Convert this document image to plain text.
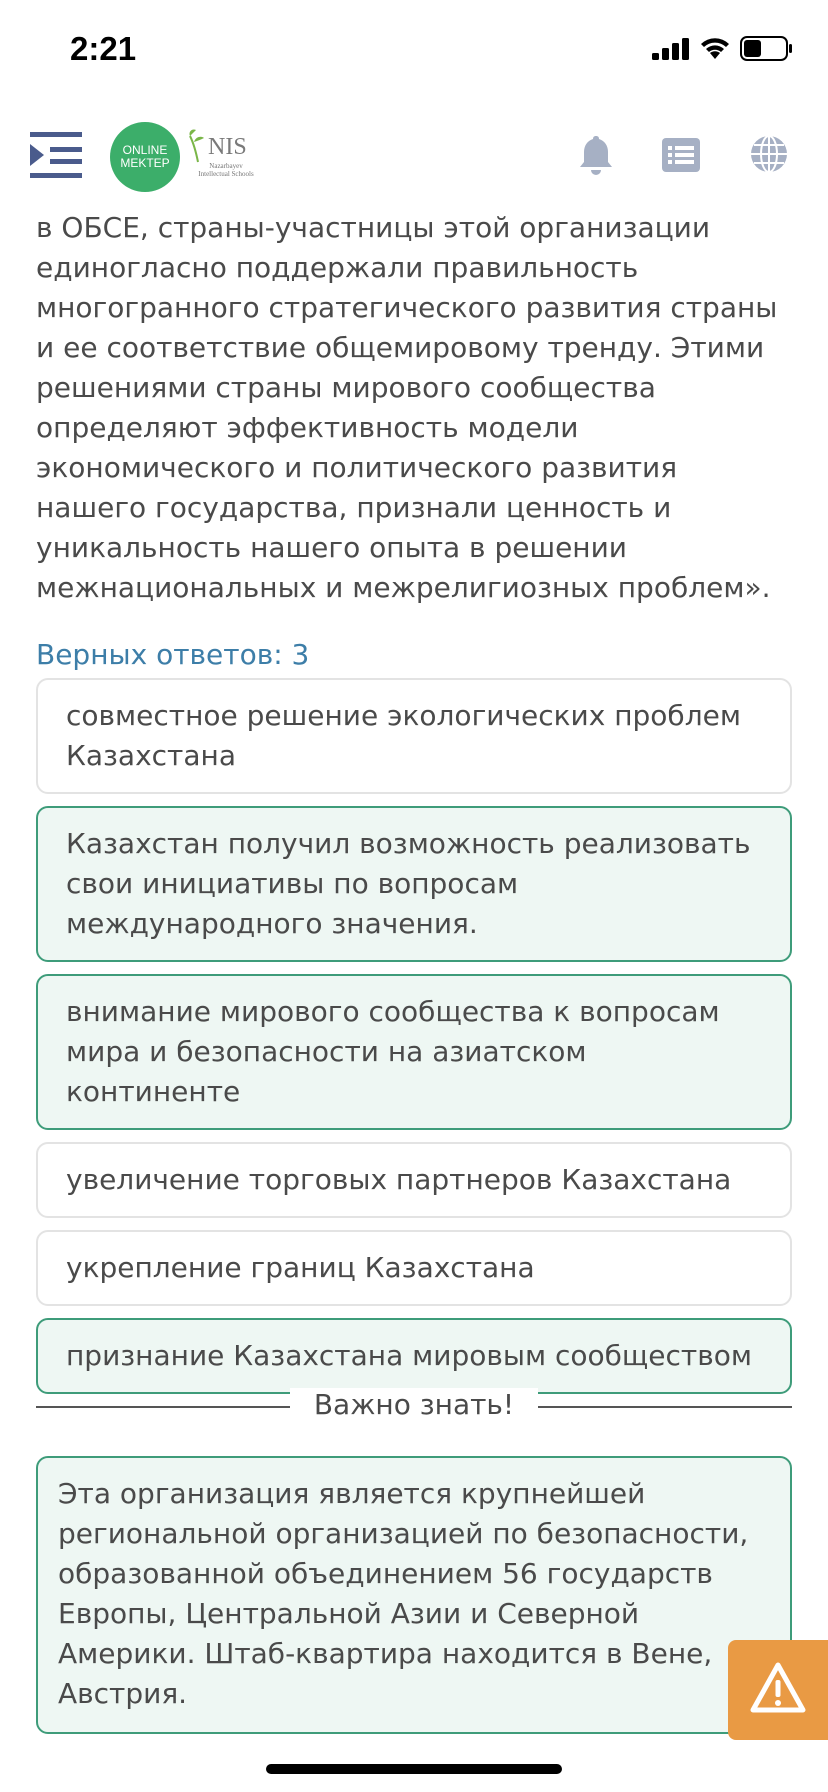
2:21
ONLINE
MEKTEP
NIS
Nazarbayev Intellectual Schools
в ОБСЕ, страны-участницы этой организации единогласно поддержали правильность многогранного стратегического развития страны и ее соответствие общемировому тренду. Этими решениями страны мирового сообщества определяют эффективность модели экономического и политического развития нашего государства, признали ценность и уникальность нашего опыта в решении межнациональных и межрелигиозных проблем».
Верных ответов: 3
совместное решение экологических проблем Казахстана
Казахстан получил возможность реализовать свои инициативы по вопросам международного значения.
внимание мирового сообщества к вопросам мира и безопасности на азиатском континенте
увеличение торговых партнеров Казахстана
укрепление границ Казахстана
признание Казахстана мировым сообществом
Важно знать!
Эта организация является крупнейшей региональной организацией по безопасности, образованной объединением 56 государств Европы, Центральной Азии и Северной Америки. Штаб-квартира находится в Вене, Австрия.
